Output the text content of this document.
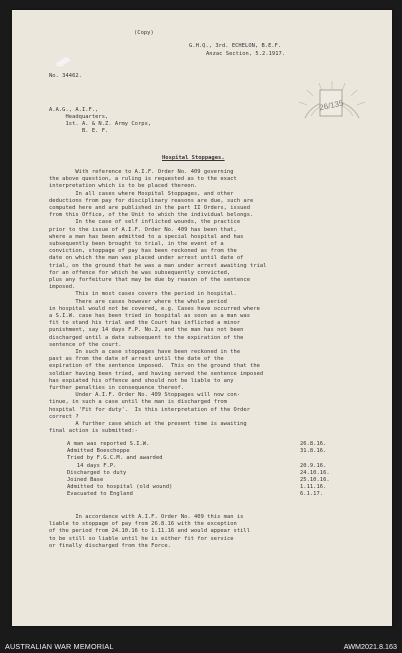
(Copy)
G.H.Q., 3rd. ECHELON, B.E.F.
Anzac Section, 5.2.1917.
No. 34462.
26/135
A.A.G., A.I.F.,
Headquarters,
1st. A. & N.Z. Army Corps,
B. E. F.
Hospital Stoppages.
With reference to A.I.F. Order No. 409 governing
the above question, a ruling is requested as to the exact
interpretation which is to be placed thereon.
In all cases where Hospital Stoppages, and other
deductions from pay for disciplinary reasons are due, such are
computed here and are published in the part II Orders, issued
from this Office, of the Unit to which the individual belongs.
In the case of self inflicted wounds, the practice
prior to the issue of A.I.F. Order No. 409 has been that,
where a man has been admitted to a special hospital and has
subsequently been brought to trial, in the event of a
conviction, stoppage of pay has been reckoned as from the
date on which the man was placed under arrest until date of
trial, on the ground that he was a man under arrest awaiting trial
for an offence for which he was subsequently convicted,
plus any forfeiture that may be due by reason of the sentence
imposed.
This in most cases covers the period in hospital.
There are cases however where the whole period
in hospital would not be covered, e.g. Cases have occurred where
a S.I.W. case has been tried in hospital as soon as a man was
fit to stand his trial and the Court has inflicted a minor
punishment, say 14 days F.P. No.2, and the man has not been
discharged until a date subsequent to the expiration of the
sentence of the court.
In such a case stoppages have been reckoned in the
past as from the date of arrest until the date of the
expiration of the sentence imposed.  This on the ground that the
soldier having been tried, and having served the sentence imposed
has expiated his offence and should not be liable to any
further penalties in consequence thereof.
Under A.I.F. Order No. 409 Stoppages will now con-
tinue, in such a case until the man is discharged from
hospital 'Fit for duty'.  Is this interpretation of the Order
correct ?
A further case which at the present time is awaiting
final action is submitted:-
A man was reported S.I.W.	26.8.16.
Admitted Boeschoppe	31.8.16.
Tried by F.G.C.M. and awarded
14 days F.P.	20.9.16.
Discharged to duty	24.10.16.
Joined Base	25.10.16.
Admitted to hospital (old wound)	1.11.16.
Evacuated to England	6.1.17.
In accordance with A.I.F. Order No. 409 this man is
liable to stoppage of pay from 26.8.16 with the exception
of the period from 24.10.16 to 1.11.16 and would appear still
to be still so liable until he is either fit for service
or finally discharged from the Force.
AUSTRALIAN WAR MEMORIAL	AWM2021.8.163
